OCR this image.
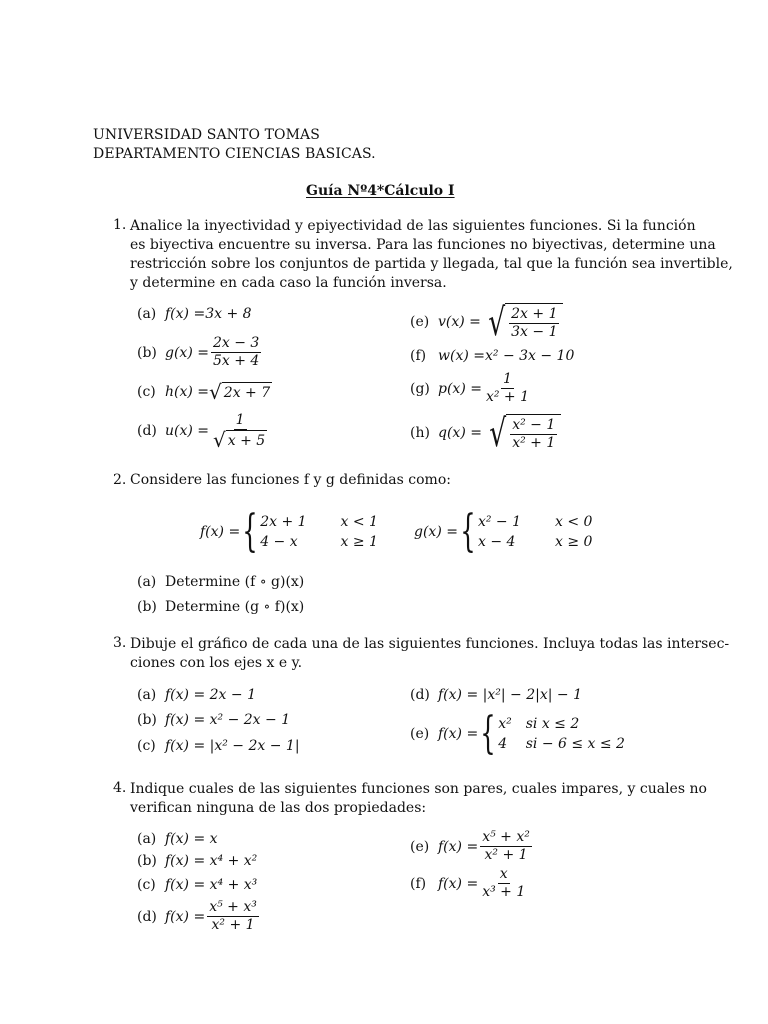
UNIVERSIDAD SANTO TOMAS
DEPARTAMENTO CIENCIAS BASICAS.
Guía Nº4*Cálculo I
1. Analice la inyectividad y epiyectividad de las siguientes funciones. Si la función
es biyectiva encuentre su inversa. Para las funciones no biyectivas, determine una
restricción sobre los conjuntos de partida y llegada, tal que la función sea invertible,
y determine en cada caso la función inversa.
(a) f(x) = 3x + 8
(b) $g(x) = \frac{2x - 3}{5x + 4}$
(c) h(x) = √ 2x + 7
(d) $u(x) = \frac{1}{√ x + 5}$
(e) v(x) = √ $\frac{2x + 1}{3x - 1}$
(f) w(x) = x² − 3x − 10
(g) $p(x) = \frac{1}{\text{x² + 1}}$
(h) q(x) = √ $\frac{\text{x² − 1}}{\text{x² + 1}}$
2. Considere las funciones f y g definidas como:
f(x) = { 2x + 1 x < 1
4 − x	x ≥ 1
g(x) = { x² − 1 x < 0
x − 4	x ≥ 0
(a) Determine (f ∘ g)(x)
(b) Determine (g ∘ f)(x)
3. Dibuje el gráfico de cada una de las siguientes funciones. Incluya todas las intersec-
ciones con los ejes x e y.
(a) f(x) = 2x − 1
(b) f(x) = x² − 2x − 1
(c) f(x) = |x² − 2x − 1|
(d) f(x) = |x²| − 2|x| − 1
(e) f(x) = { x² si x ≤ 2
4	si − 6 ≤ x ≤ 2
4. Indique cuales de las siguientes funciones son pares, cuales impares, y cuales no
verifican ninguna de las dos propiedades:
(a) f(x) = x
(b) f(x) = x⁴ + x²
(c) f(x) = x⁴ + x³
(d) $f(x) = \frac{\text{x⁵ + x³}}{\text{x² + 1}}$
(e) $f(x) = \frac{\text{x⁵ + x²}}{\text{x² + 1}}$
(f) $f(x) = \frac{x}{\text{x³ + 1}}$
